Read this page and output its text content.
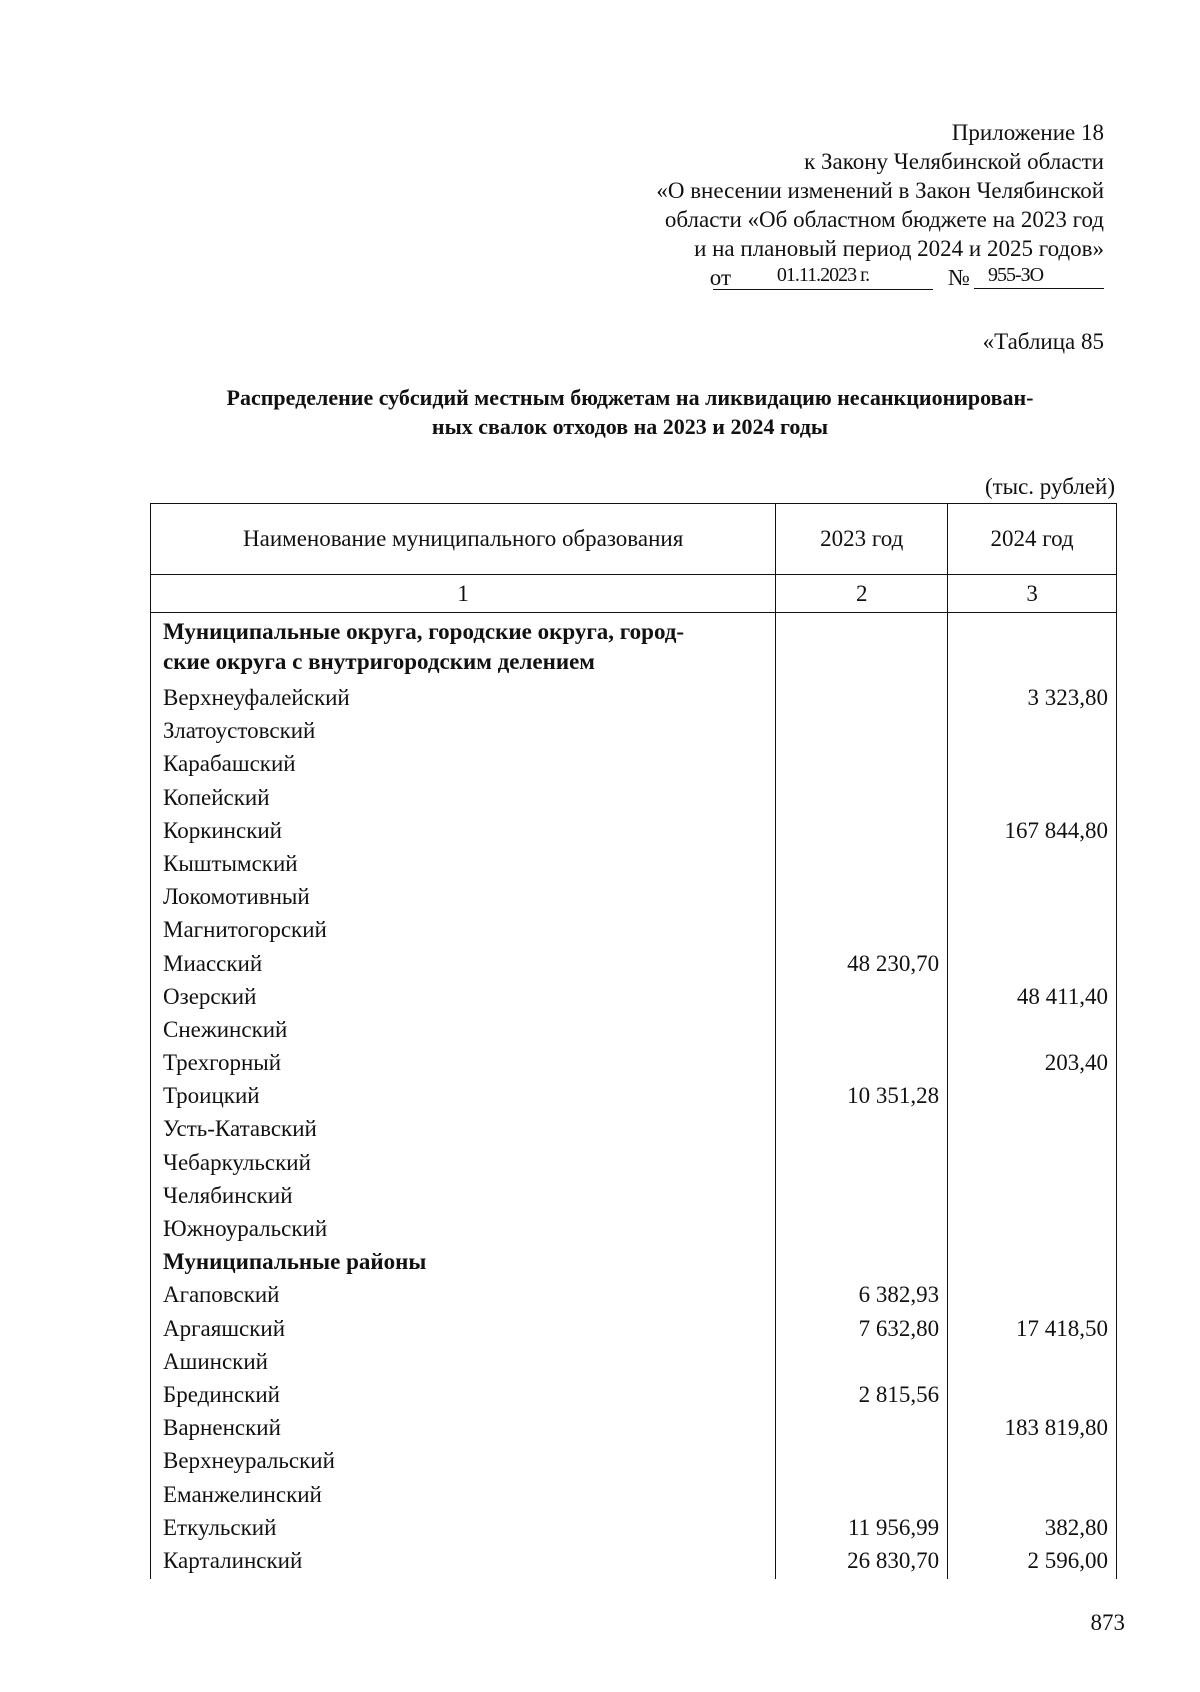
Приложение 18
к Закону Челябинской области
«О внесении изменений в Закон Челябинской
области «Об областном бюджете на 2023 год
и на плановый период 2024 и 2025 годов»
от	01.11.2023 г.	№ 955-ЗО
«Таблица 85
Распределение субсидий местным бюджетам на ликвидацию несанкционирован-
ных свалок отходов на 2023 и 2024 годы
(тыс. рублей)
Наименование муниципального образования	2023 год	2024 год
1	2	3

Муниципальные округа, городские округа, город-
ские округа с внутригородским делением		

Верхнеуфалейский		3 323,80
Златоустовский		
Карабашский		
Копейский		
Коркинский		167 844,80
Кыштымский		
Локомотивный		
Магнитогорский		
Миасский	48 230,70	
Озерский		48 411,40
Снежинский		
Трехгорный		203,40
Троицкий	10 351,28	
Усть-Катавский		
Чебаркульский		
Челябинский		
Южноуральский		
Муниципальные районы		
Агаповский	6 382,93	
Аргаяшский	7 632,80	17 418,50
Ашинский		
Брединский	2 815,56	
Варненский		183 819,80
Верхнеуральский		
Еманжелинский		
Еткульский	11 956,99	382,80
Карталинский	26 830,70	2 596,00
873
